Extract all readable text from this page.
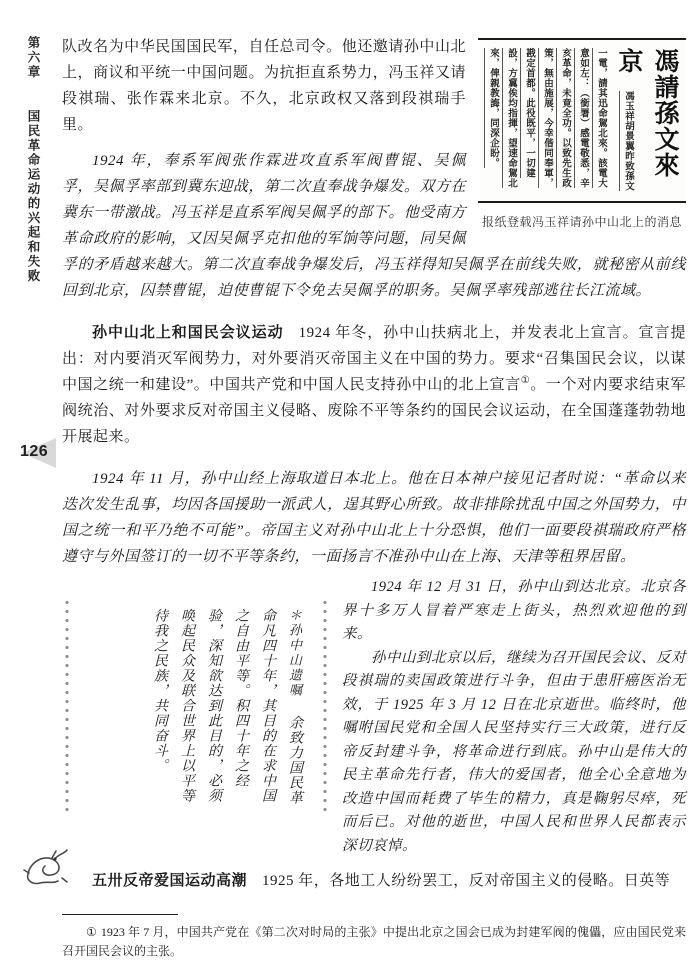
第六章 国民革命运动的兴起和失败
126
馮請孫文來京 馮玉祥胡景翼昨致孫文一電，請其迅命駕北來。該電大意如左：（銜署）感電敬悉，辛亥革命，未竟全功。以致先生政策，無由施展，今幸偕同奉軍，戡定首都。此役既平，一切建設，方冀俟均指揮，望速命駕北來，俾親教誨，同深企盼。
报纸登载冯玉祥请孙中山北上的消息

队改名为中华民国国民军，自任总司令。他还邀请孙中山北上，商议和平统一中国问题。为抗拒直系势力，冯玉祥又请段祺瑞、张作霖来北京。不久，北京政权又落到段祺瑞手里。

1924 年，奉系军阀张作霖进攻直系军阀曹锟、吴佩孚，吴佩孚率部到冀东迎战，第二次直奉战争爆发。双方在冀东一带激战。冯玉祥是直系军阀吴佩孚的部下。他受南方革命政府的影响，又因吴佩孚克扣他的军饷等问题，同吴佩孚的矛盾越来越大。第二次直奉战争爆发后，冯玉祥得知吴佩孚在前线失败，就秘密从前线回到北京，囚禁曹锟，迫使曹锟下令免去吴佩孚的职务。吴佩孚率残部逃往长江流域。

孙中山北上和国民会议运动 1924 年冬，孙中山扶病北上，并发表北上宣言。宣言提出：对内要消灭军阀势力，对外要消灭帝国主义在中国的势力。要求“召集国民会议，以谋中国之统一和建设”。中国共产党和中国人民支持孙中山的北上宣言①。一个对内要求结束军阀统治、对外要求反对帝国主义侵略、废除不平等条约的国民会议运动，在全国蓬蓬勃勃地开展起来。

1924 年 11 月，孙中山经上海取道日本北上。他在日本神户接见记者时说：“革命以来迭次发生乱事，均因各国援助一派武人，逞其野心所致。故非排除扰乱中国之外国势力，中国之统一和平乃绝不可能”。帝国主义对孙中山北上十分恐惧，他们一面要段祺瑞政府严格遵守与外国签订的一切不平等条约，一面扬言不准孙中山在上海、天津等租界居留。

＊孙中山遗嘱 余致力国民革命凡四十年，其目的在求中国之自由平等。积四十年之经验，深知欲达到此目的，必须唤起民众及联合世界上以平等待我之民族，共同奋斗。

1924 年 12 月 31 日，孙中山到达北京。北京各界十多万人冒着严寒走上街头，热烈欢迎他的到来。

孙中山到北京以后，继续为召开国民会议、反对段祺瑞的卖国政策进行斗争，但由于患肝癌医治无效，于 1925 年 3 月 12 日在北京逝世。临终时，他嘱咐国民党和全国人民坚持实行三大政策，进行反帝反封建斗争，将革命进行到底。孙中山是伟大的民主革命先行者，伟大的爱国者，他全心全意地为改造中国而耗费了毕生的精力，真是鞠躬尽瘁，死而后已。对他的逝世，中国人民和世界人民都表示深切哀悼。

五卅反帝爱国运动高潮 1925 年，各地工人纷纷罢工，反对帝国主义的侵略。日英等

① 1923 年 7 月，中国共产党在《第二次对时局的主张》中提出北京之国会已成为封建军阀的傀儡，应由国民党来召开国民会议的主张。
